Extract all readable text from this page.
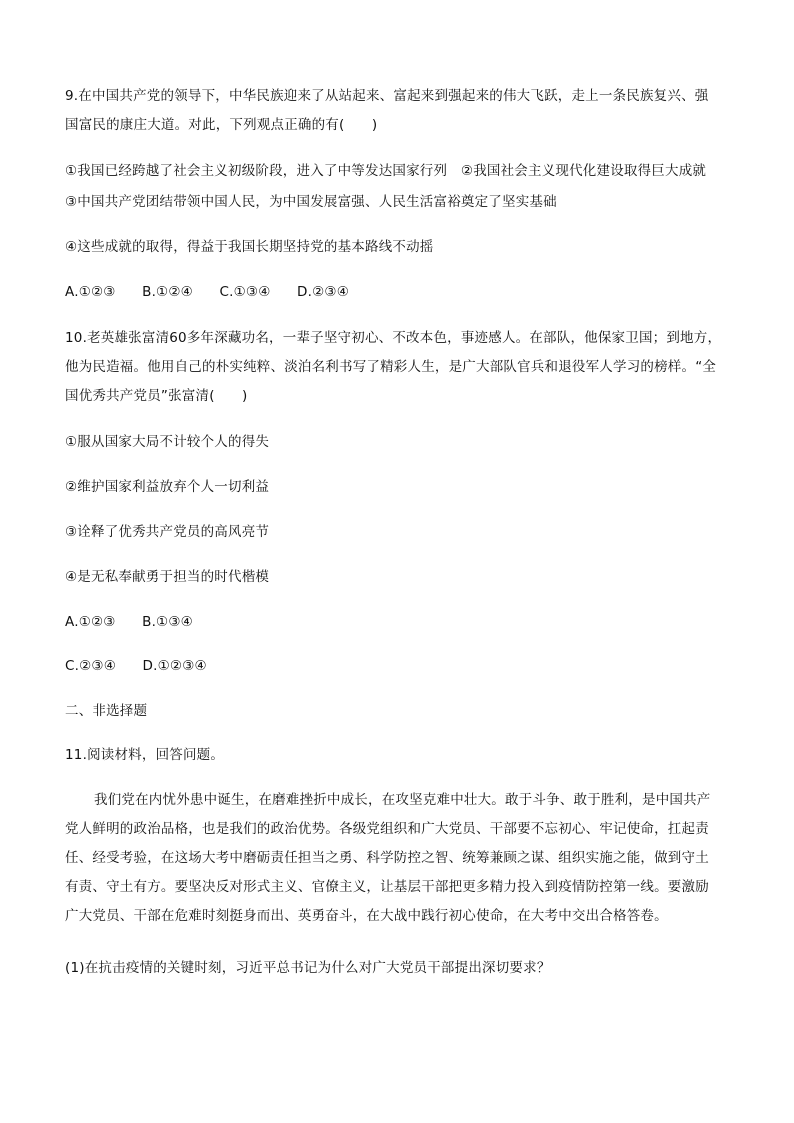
9.在中国共产党的领导下，中华民族迎来了从站起来、富起来到强起来的伟大飞跃，走上一条民族复兴、强
国富民的康庄大道。对此，下列观点正确的有(　　)
①我国已经跨越了社会主义初级阶段，进入了中等发达国家行列　②我国社会主义现代化建设取得巨大成就
③中国共产党团结带领中国人民，为中国发展富强、人民生活富裕奠定了坚实基础
④这些成就的取得，得益于我国长期坚持党的基本路线不动摇
A.①②③ B.①②④ C.①③④ D.②③④
10.老英雄张富清60多年深藏功名，一辈子坚守初心、不改本色，事迹感人。在部队，他保家卫国；到地方，
他为民造福。他用自己的朴实纯粹、淡泊名利书写了精彩人生，是广大部队官兵和退役军人学习的榜样。“全
国优秀共产党员”张富清(　　)
①服从国家大局不计较个人的得失
②维护国家利益放弃个人一切利益
③诠释了优秀共产党员的高风亮节
④是无私奉献勇于担当的时代楷模
A.①②③ B.①③④
C.②③④ D.①②③④
二、非选择题
11.阅读材料，回答问题。
我们党在内忧外患中诞生，在磨难挫折中成长，在攻坚克难中壮大。敢于斗争、敢于胜利，是中国共产
党人鲜明的政治品格，也是我们的政治优势。各级党组织和广大党员、干部要不忘初心、牢记使命，扛起责
任、经受考验，在这场大考中磨砺责任担当之勇、科学防控之智、统筹兼顾之谋、组织实施之能，做到守土
有责、守土有方。要坚决反对形式主义、官僚主义，让基层干部把更多精力投入到疫情防控第一线。要激励
广大党员、干部在危难时刻挺身而出、英勇奋斗，在大战中践行初心使命，在大考中交出合格答卷。
(1)在抗击疫情的关键时刻，习近平总书记为什么对广大党员干部提出深切要求？
